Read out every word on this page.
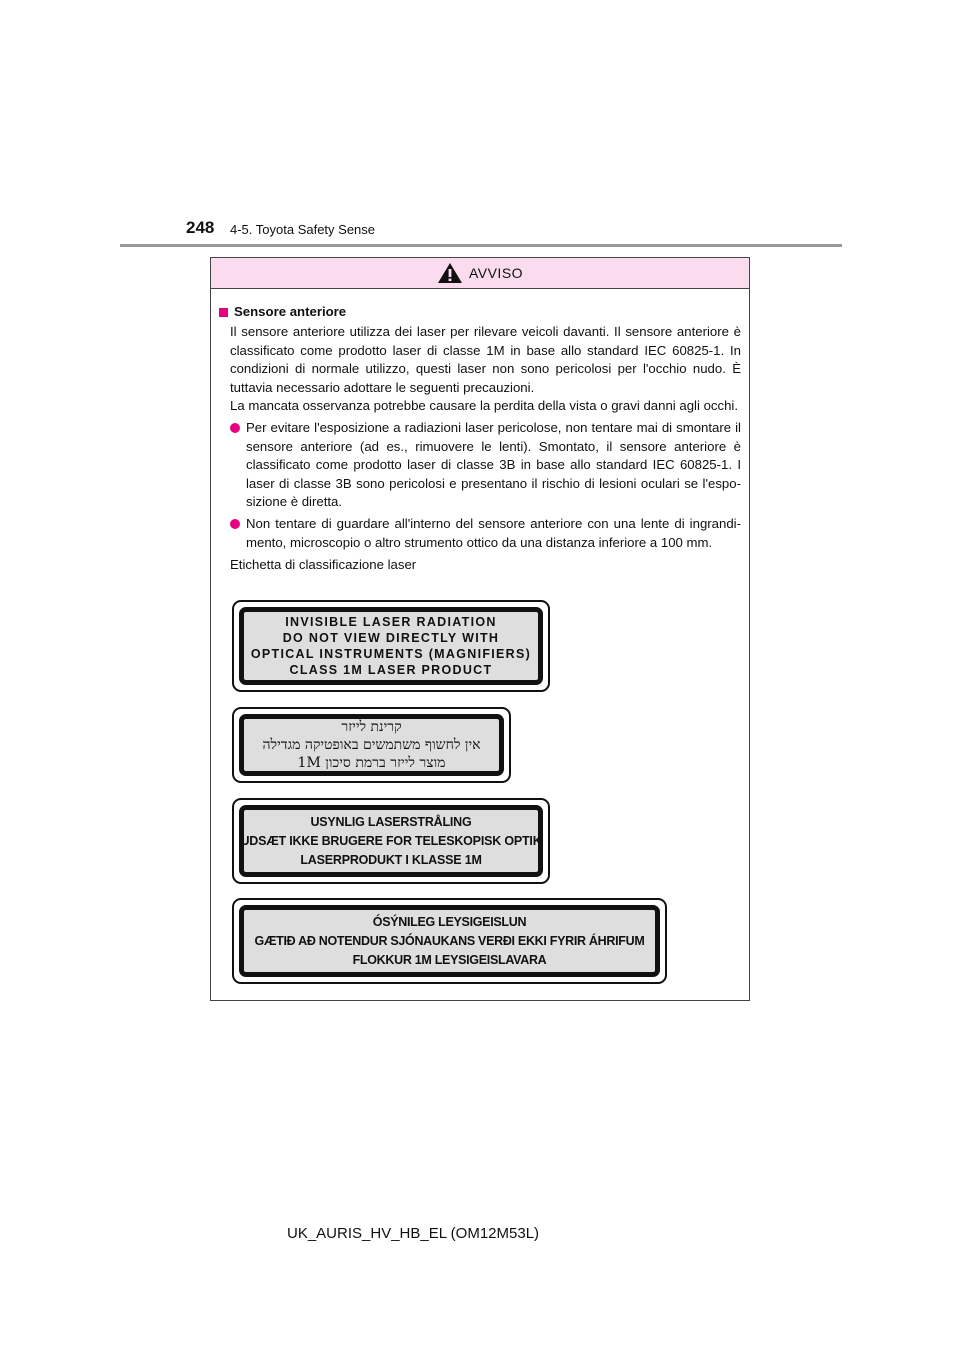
248 4-5. Toyota Safety Sense
AVVISO
Sensore anteriore
Il sensore anteriore utilizza dei laser per rilevare veicoli davanti. Il sensore anteriore è classificato come prodotto laser di classe 1M in base allo standard IEC 60825-1. In condizioni di normale utilizzo, questi laser non sono pericolosi per l'occhio nudo. È tuttavia necessario adottare le seguenti precauzioni.
La mancata osservanza potrebbe causare la perdita della vista o gravi danni agli occhi.
Per evitare l'esposizione a radiazioni laser pericolose, non tentare mai di smontare il sensore anteriore (ad es., rimuovere le lenti). Smontato, il sensore anteriore è classificato come prodotto laser di classe 3B in base allo standard IEC 60825-1. I laser di classe 3B sono pericolosi e presentano il rischio di lesioni oculari se l'espo-sizione è diretta.
Non tentare di guardare all'interno del sensore anteriore con una lente di ingrandi-mento, microscopio o altro strumento ottico da una distanza inferiore a 100 mm.
Etichetta di classificazione laser
INVISIBLE LASER RADIATION
DO NOT VIEW DIRECTLY WITH
OPTICAL INSTRUMENTS (MAGNIFIERS)
CLASS 1M LASER PRODUCT
קרינת לייזר
אין לחשוף משתמשים באופטיקה מגדילה
מוצר לייזר ברמת סיכון 1M
USYNLIG LASERSTRÅLING
UDSÆT IKKE BRUGERE FOR TELESKOPISK OPTIK
LASERPRODUKT I KLASSE 1M
ÓSÝNILEG LEYSIGEISLUN
GÆTIÐ AÐ NOTENDUR SJÓNAUKANS VERÐI EKKI FYRIR ÁHRIFUM
FLOKKUR 1M LEYSIGEISLAVARA
UK_AURIS_HV_HB_EL (OM12M53L)
